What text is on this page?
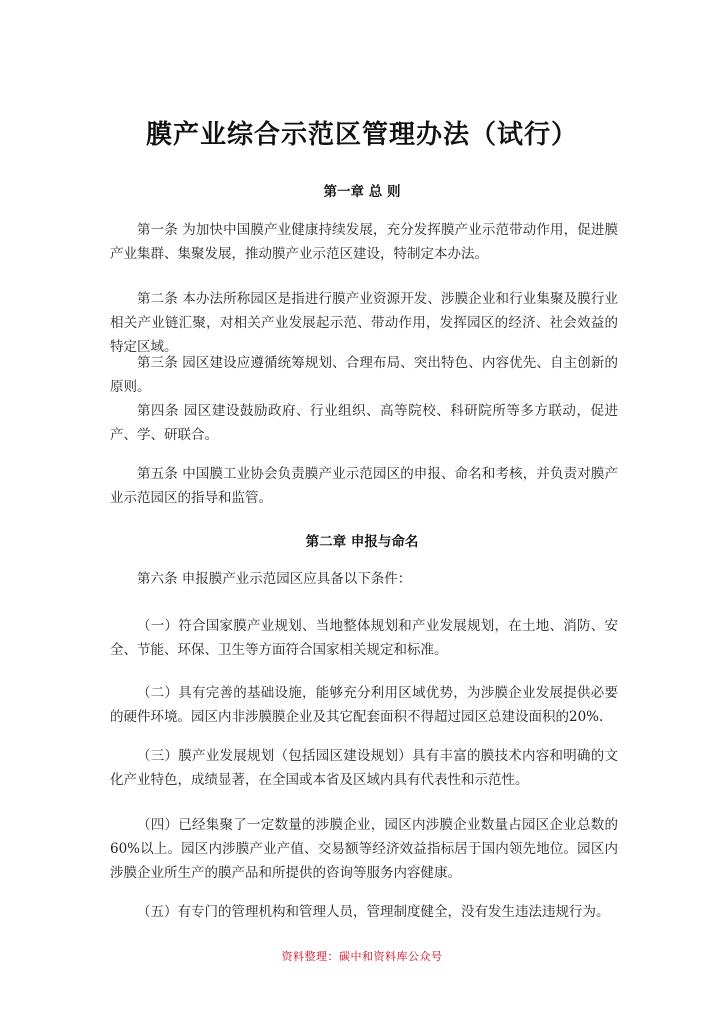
膜产业综合示范区管理办法（试行）
第一章 总 则
第一条 为加快中国膜产业健康持续发展，充分发挥膜产业示范带动作用，促进膜产业集群、集聚发展，推动膜产业示范区建设，特制定本办法。
第二条 本办法所称园区是指进行膜产业资源开发、涉膜企业和行业集聚及膜行业相关产业链汇聚，对相关产业发展起示范、带动作用，发挥园区的经济、社会效益的特定区域。
第三条 园区建设应遵循统筹规划、合理布局、突出特色、内容优先、自主创新的原则。
第四条 园区建设鼓励政府、行业组织、高等院校、科研院所等多方联动，促进产、学、研联合。
第五条 中国膜工业协会负责膜产业示范园区的申报、命名和考核，并负责对膜产业示范园区的指导和监管。
第二章 申报与命名
第六条 申报膜产业示范园区应具备以下条件：
（一）符合国家膜产业规划、当地整体规划和产业发展规划，在土地、消防、安全、节能、环保、卫生等方面符合国家相关规定和标准。
（二）具有完善的基础设施，能够充分利用区域优势，为涉膜企业发展提供必要的硬件环境。园区内非涉膜膜企业及其它配套面积不得超过园区总建设面积的20%.
（三）膜产业发展规划（包括园区建设规划）具有丰富的膜技术内容和明确的文化产业特色，成绩显著，在全国或本省及区域内具有代表性和示范性。
（四）已经集聚了一定数量的涉膜企业，园区内涉膜企业数量占园区企业总数的60%以上。园区内涉膜产业产值、交易额等经济效益指标居于国内领先地位。园区内涉膜企业所生产的膜产品和所提供的咨询等服务内容健康。
（五）有专门的管理机构和管理人员，管理制度健全，没有发生违法违规行为。
资料整理：碳中和资料库公众号
